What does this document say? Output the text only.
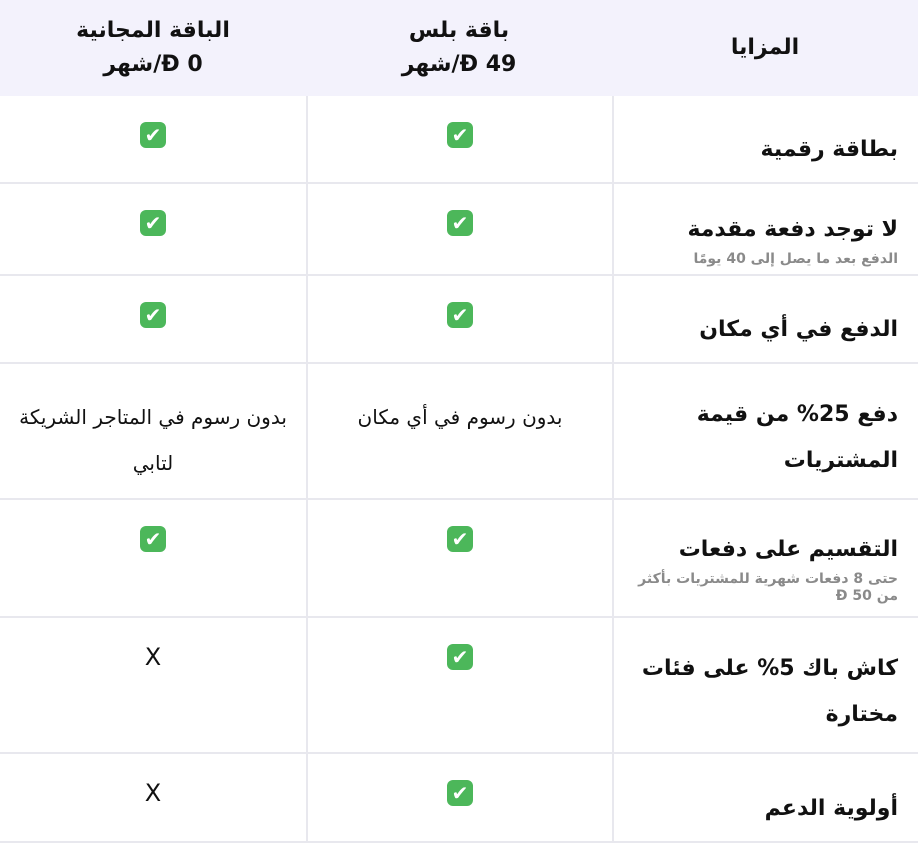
المزايا
باقة بلس
49 Ð/شهر
الباقة المجانية
0 Ð/شهر
بطاقة رقمية
✔
✔
لا توجد دفعة مقدمة
الدفع بعد ما يصل إلى 40 يومًا
✔
✔
الدفع في أي مكان
✔
✔
دفع 25% من قيمة المشتريات
بدون رسوم في أي مكان
بدون رسوم في المتاجر الشريكة لتابي
التقسيم على دفعات
حتى 8 دفعات شهرية للمشتريات بأكثر من 50 Ð
✔
✔
كاش باك 5% على فئات مختارة
✔
X
أولوية الدعم
✔
X
